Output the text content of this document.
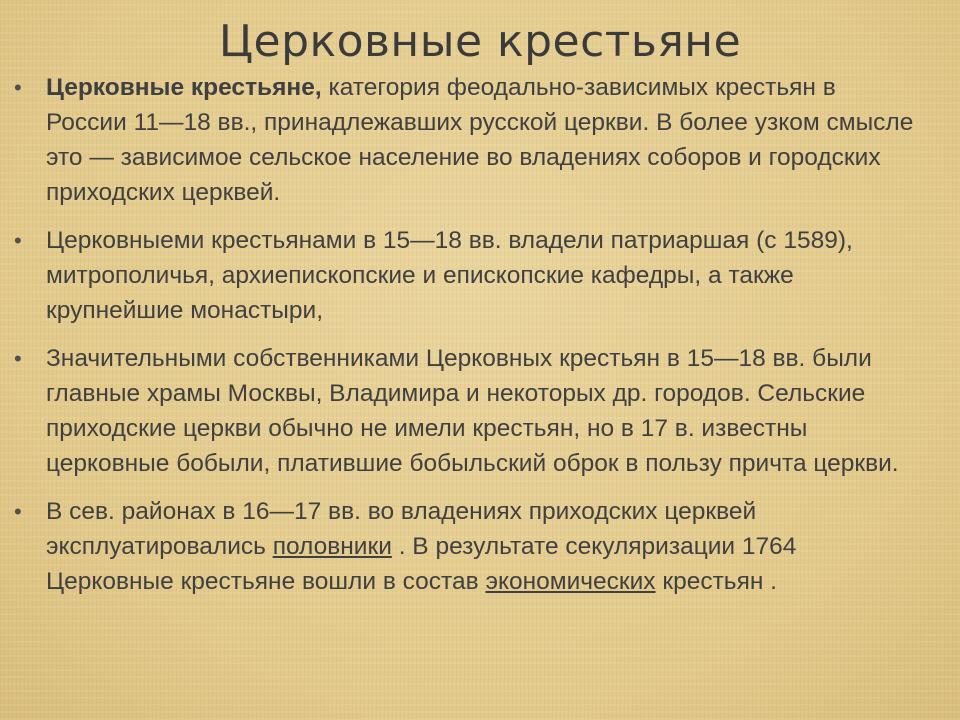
Церковные крестьяне
• Церковные крестьяне, категория феодально-зависимых крестьян в России 11—18 вв., принадлежавших русской церкви. В более узком смысле это — зависимое сельское население во владениях соборов и городских приходских церквей.
• Церковныеми крестьянами в 15—18 вв. владели патриаршая (с 1589), митрополичья, архиепископские и епископские кафедры, а также крупнейшие монастыри,
• Значительными собственниками Церковных крестьян в 15—18 вв. были главные храмы Москвы, Владимира и некоторых др. городов. Сельские приходские церкви обычно не имели крестьян, но в 17 в. известны церковные бобыли, платившие бобыльский оброк в пользу причта церкви.
• В сев. районах в 16—17 вв. во владениях приходских церквей эксплуатировались половники . В результате секуляризации 1764 Церковные крестьяне вошли в состав экономических крестьян .
